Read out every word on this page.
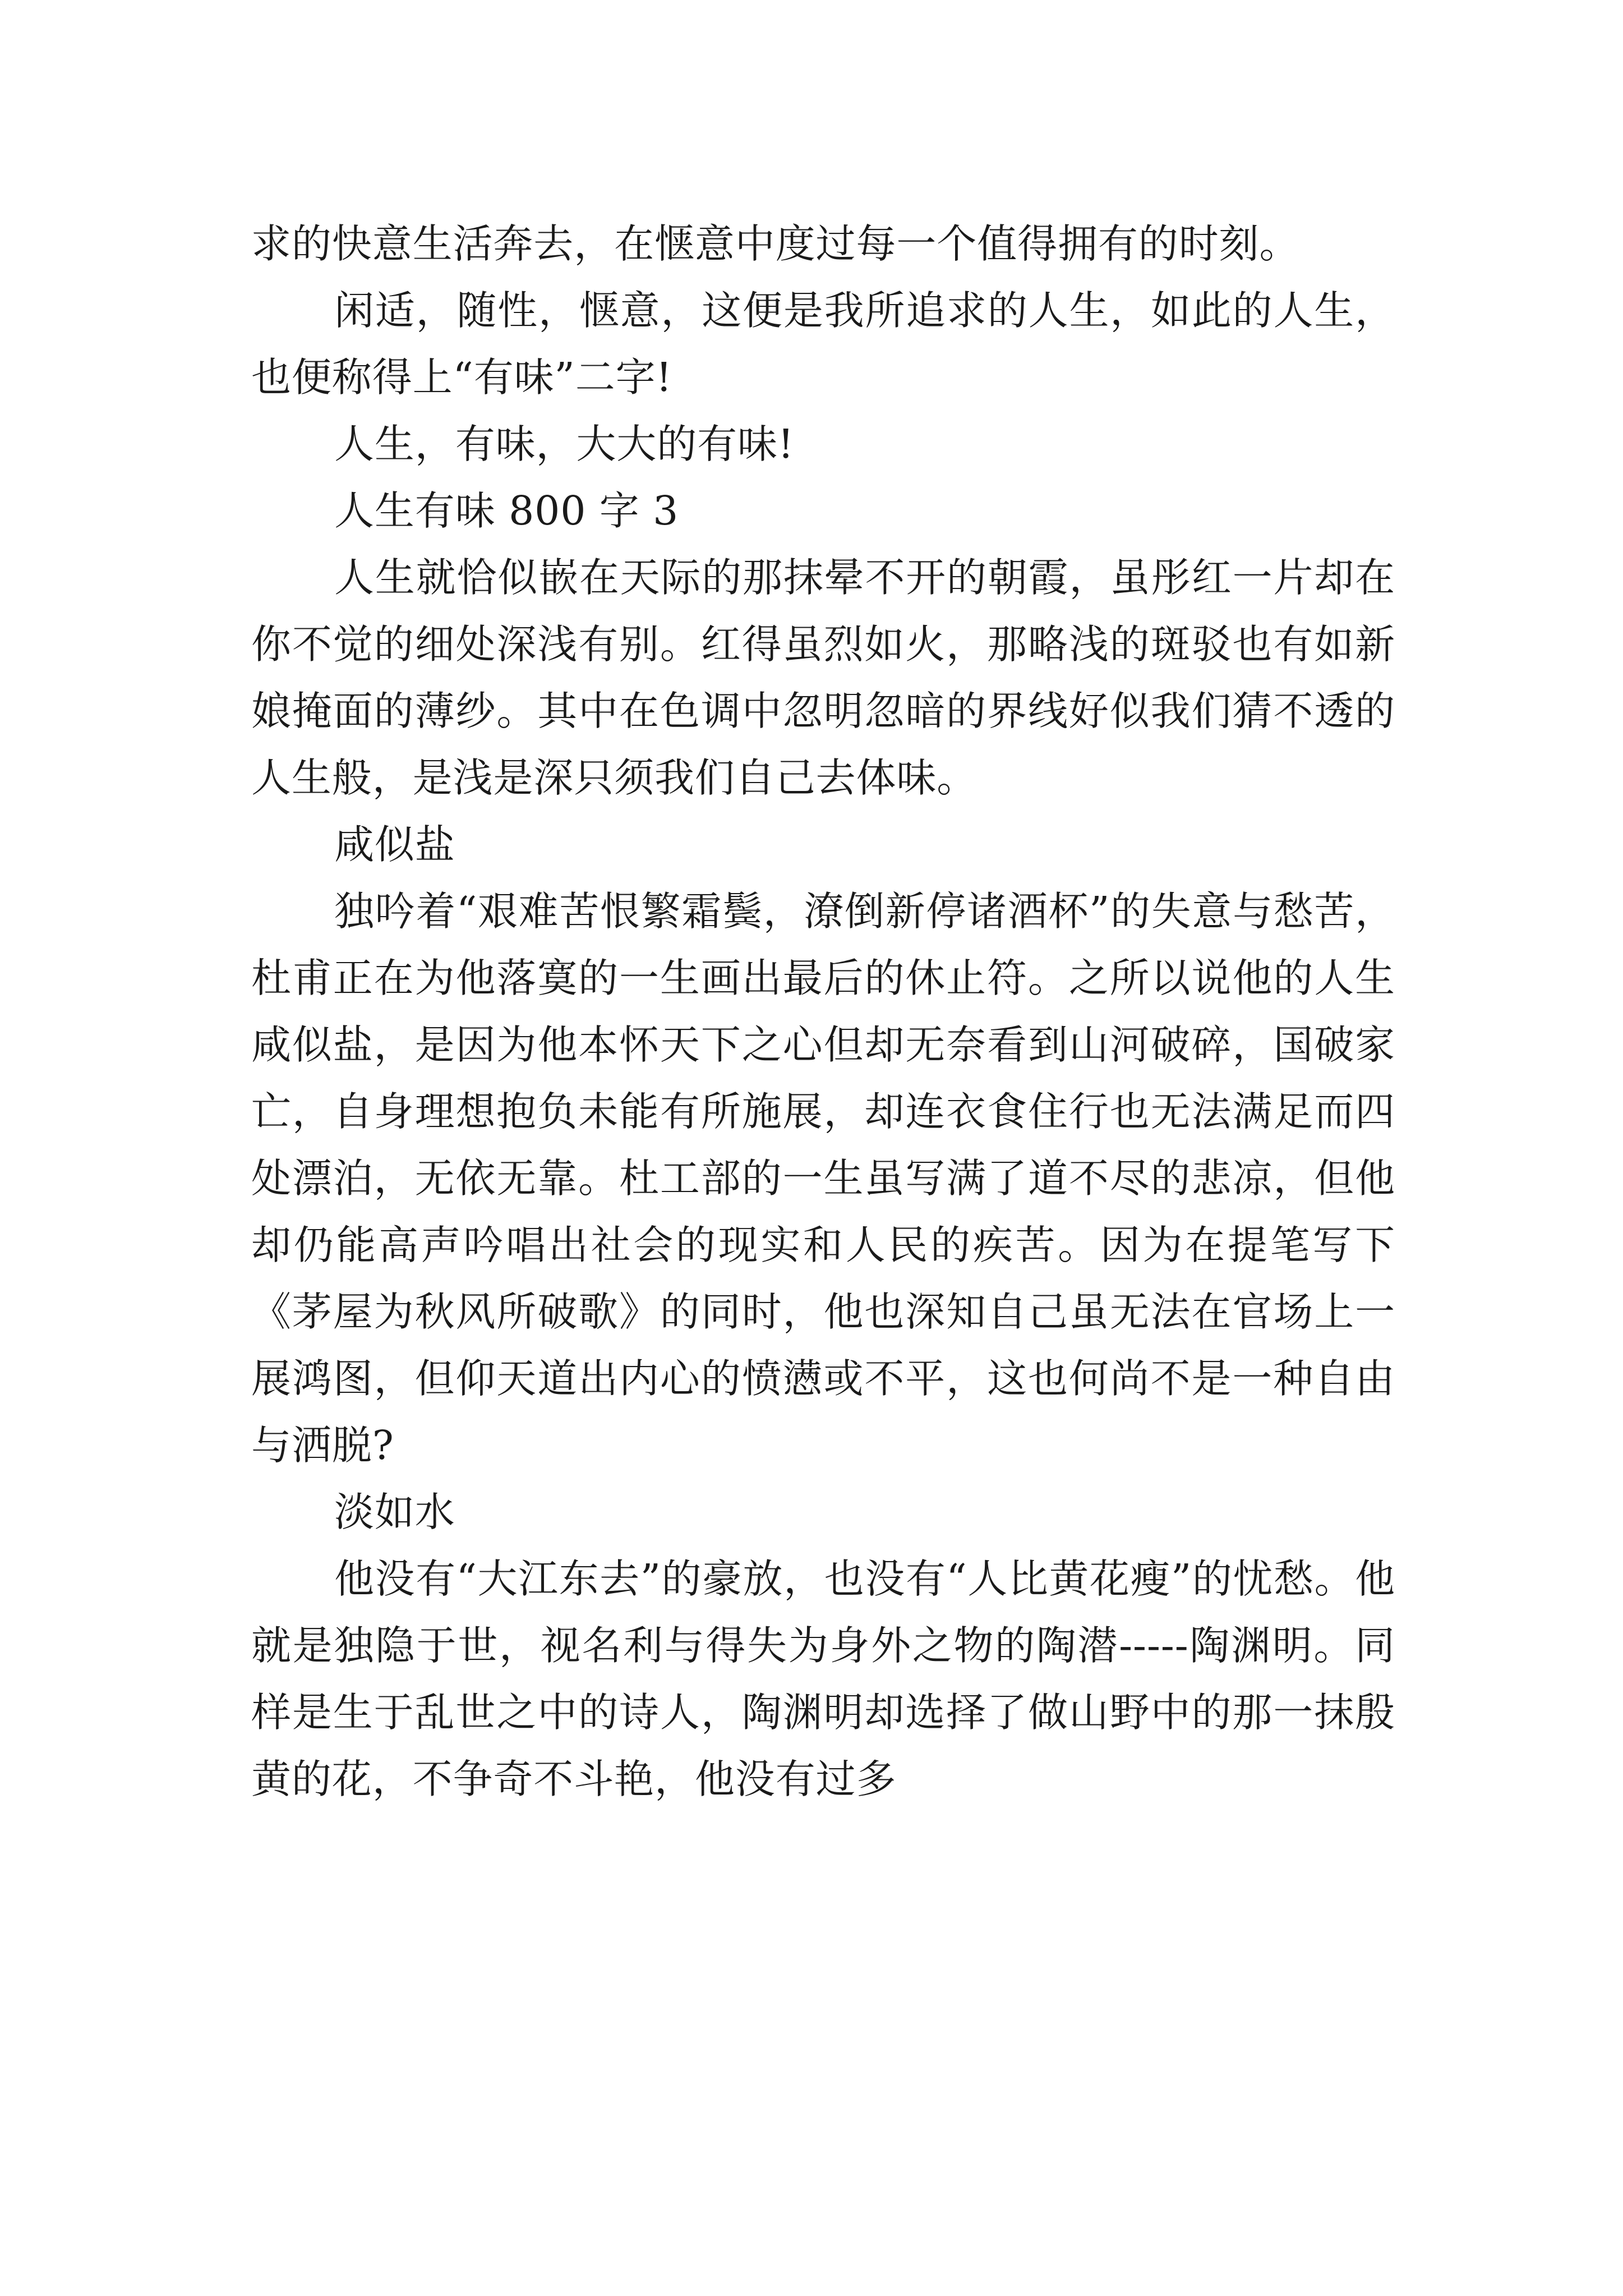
求的快意生活奔去，在惬意中度过每一个值得拥有的时刻。

闲适，随性，惬意，这便是我所追求的人生，如此的人生，也便称得上“有味”二字!

人生，有味，大大的有味!

人生有味 800 字 3

人生就恰似嵌在天际的那抹晕不开的朝霞，虽彤红一片却在你不觉的细处深浅有别。红得虽烈如火，那略浅的斑驳也有如新娘掩面的薄纱。其中在色调中忽明忽暗的界线好似我们猜不透的人生般，是浅是深只须我们自己去体味。

咸似盐

独吟着“艰难苦恨繁霜鬓，潦倒新停诸酒杯”的失意与愁苦，杜甫正在为他落寞的一生画出最后的休止符。之所以说他的人生咸似盐，是因为他本怀天下之心但却无奈看到山河破碎，国破家亡，自身理想抱负未能有所施展，却连衣食住行也无法满足而四处漂泊，无依无靠。杜工部的一生虽写满了道不尽的悲凉，但他却仍能高声吟唱出社会的现实和人民的疾苦。因为在提笔写下《茅屋为秋风所破歌》的同时，他也深知自己虽无法在官场上一展鸿图，但仰天道出内心的愤懑或不平，这也何尚不是一种自由与洒脱?

淡如水

他没有“大江东去”的豪放，也没有“人比黄花瘦”的忧愁。他就是独隐于世，视名利与得失为身外之物的陶潜-----陶渊明。同样是生于乱世之中的诗人，陶渊明却选择了做山野中的那一抹殷黄的花，不争奇不斗艳，他没有过多
